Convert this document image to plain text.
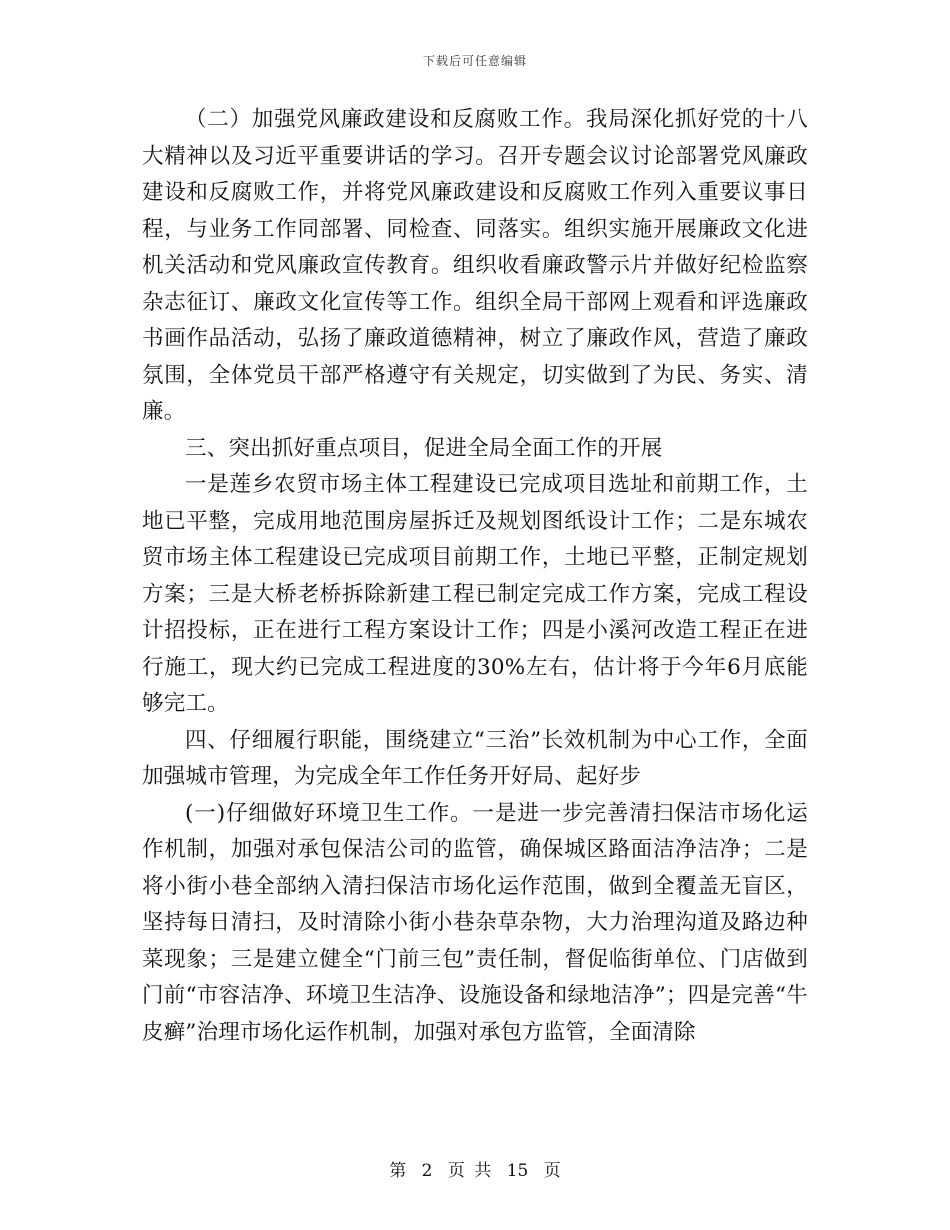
下载后可任意编辑

（二）加强党风廉政建设和反腐败工作。我局深化抓好党的十八大精神以及习近平重要讲话的学习。召开专题会议讨论部署党风廉政建设和反腐败工作，并将党风廉政建设和反腐败工作列入重要议事日程，与业务工作同部署、同检查、同落实。组织实施开展廉政文化进机关活动和党风廉政宣传教育。组织收看廉政警示片并做好纪检监察杂志征订、廉政文化宣传等工作。组织全局干部网上观看和评选廉政书画作品活动，弘扬了廉政道德精神，树立了廉政作风，营造了廉政氛围，全体党员干部严格遵守有关规定，切实做到了为民、务实、清廉。

三、突出抓好重点项目，促进全局全面工作的开展

一是莲乡农贸市场主体工程建设已完成项目选址和前期工作，土地已平整，完成用地范围房屋拆迁及规划图纸设计工作；二是东城农贸市场主体工程建设已完成项目前期工作，土地已平整，正制定规划方案；三是大桥老桥拆除新建工程已制定完成工作方案，完成工程设计招投标，正在进行工程方案设计工作；四是小溪河改造工程正在进行施工，现大约已完成工程进度的30%左右，估计将于今年6月底能够完工。

四、仔细履行职能，围绕建立“三治”长效机制为中心工作，全面加强城市管理，为完成全年工作任务开好局、起好步

(一)仔细做好环境卫生工作。一是进一步完善清扫保洁市场化运作机制，加强对承包保洁公司的监管，确保城区路面洁净洁净；二是将小街小巷全部纳入清扫保洁市场化运作范围，做到全覆盖无盲区，坚持每日清扫，及时清除小街小巷杂草杂物，大力治理沟道及路边种菜现象；三是建立健全“门前三包”责任制，督促临街单位、门店做到门前“市容洁净、环境卫生洁净、设施设备和绿地洁净”；四是完善“牛皮癣”治理市场化运作机制，加强对承包方监管，全面清除

第 2 页 共 15 页
